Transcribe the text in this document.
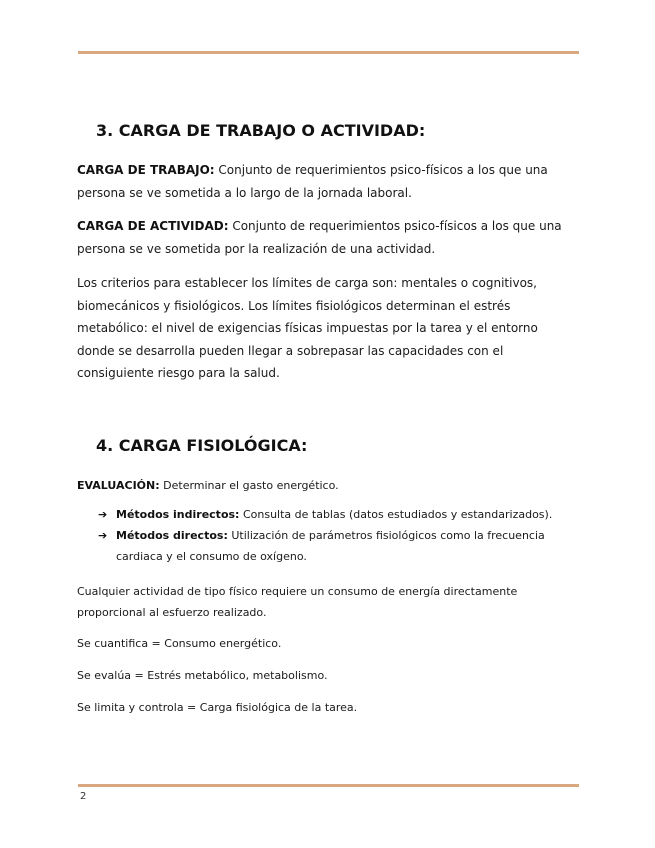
3. CARGA DE TRABAJO O ACTIVIDAD:

CARGA DE TRABAJO: Conjunto de requerimientos psico-físicos a los que una persona se ve sometida a lo largo de la jornada laboral.

CARGA DE ACTIVIDAD: Conjunto de requerimientos psico-físicos a los que una persona se ve sometida por la realización de una actividad.

Los criterios para establecer los límites de carga son: mentales o cognitivos, biomecánicos y fisiológicos. Los límites fisiológicos determinan el estrés metabólico: el nivel de exigencias físicas impuestas por la tarea y el entorno donde se desarrolla pueden llegar a sobrepasar las capacidades con el consiguiente riesgo para la salud.

4. CARGA FISIOLÓGICA:

EVALUACIÓN: Determinar el gasto energético.

➔ Métodos indirectos: Consulta de tablas (datos estudiados y estandarizados).
➔ Métodos directos: Utilización de parámetros fisiológicos como la frecuencia cardiaca y el consumo de oxígeno.

Cualquier actividad de tipo físico requiere un consumo de energía directamente proporcional al esfuerzo realizado.

Se cuantifica = Consumo energético.

Se evalúa = Estrés metabólico, metabolismo.

Se limita y controla = Carga fisiológica de la tarea.

2
